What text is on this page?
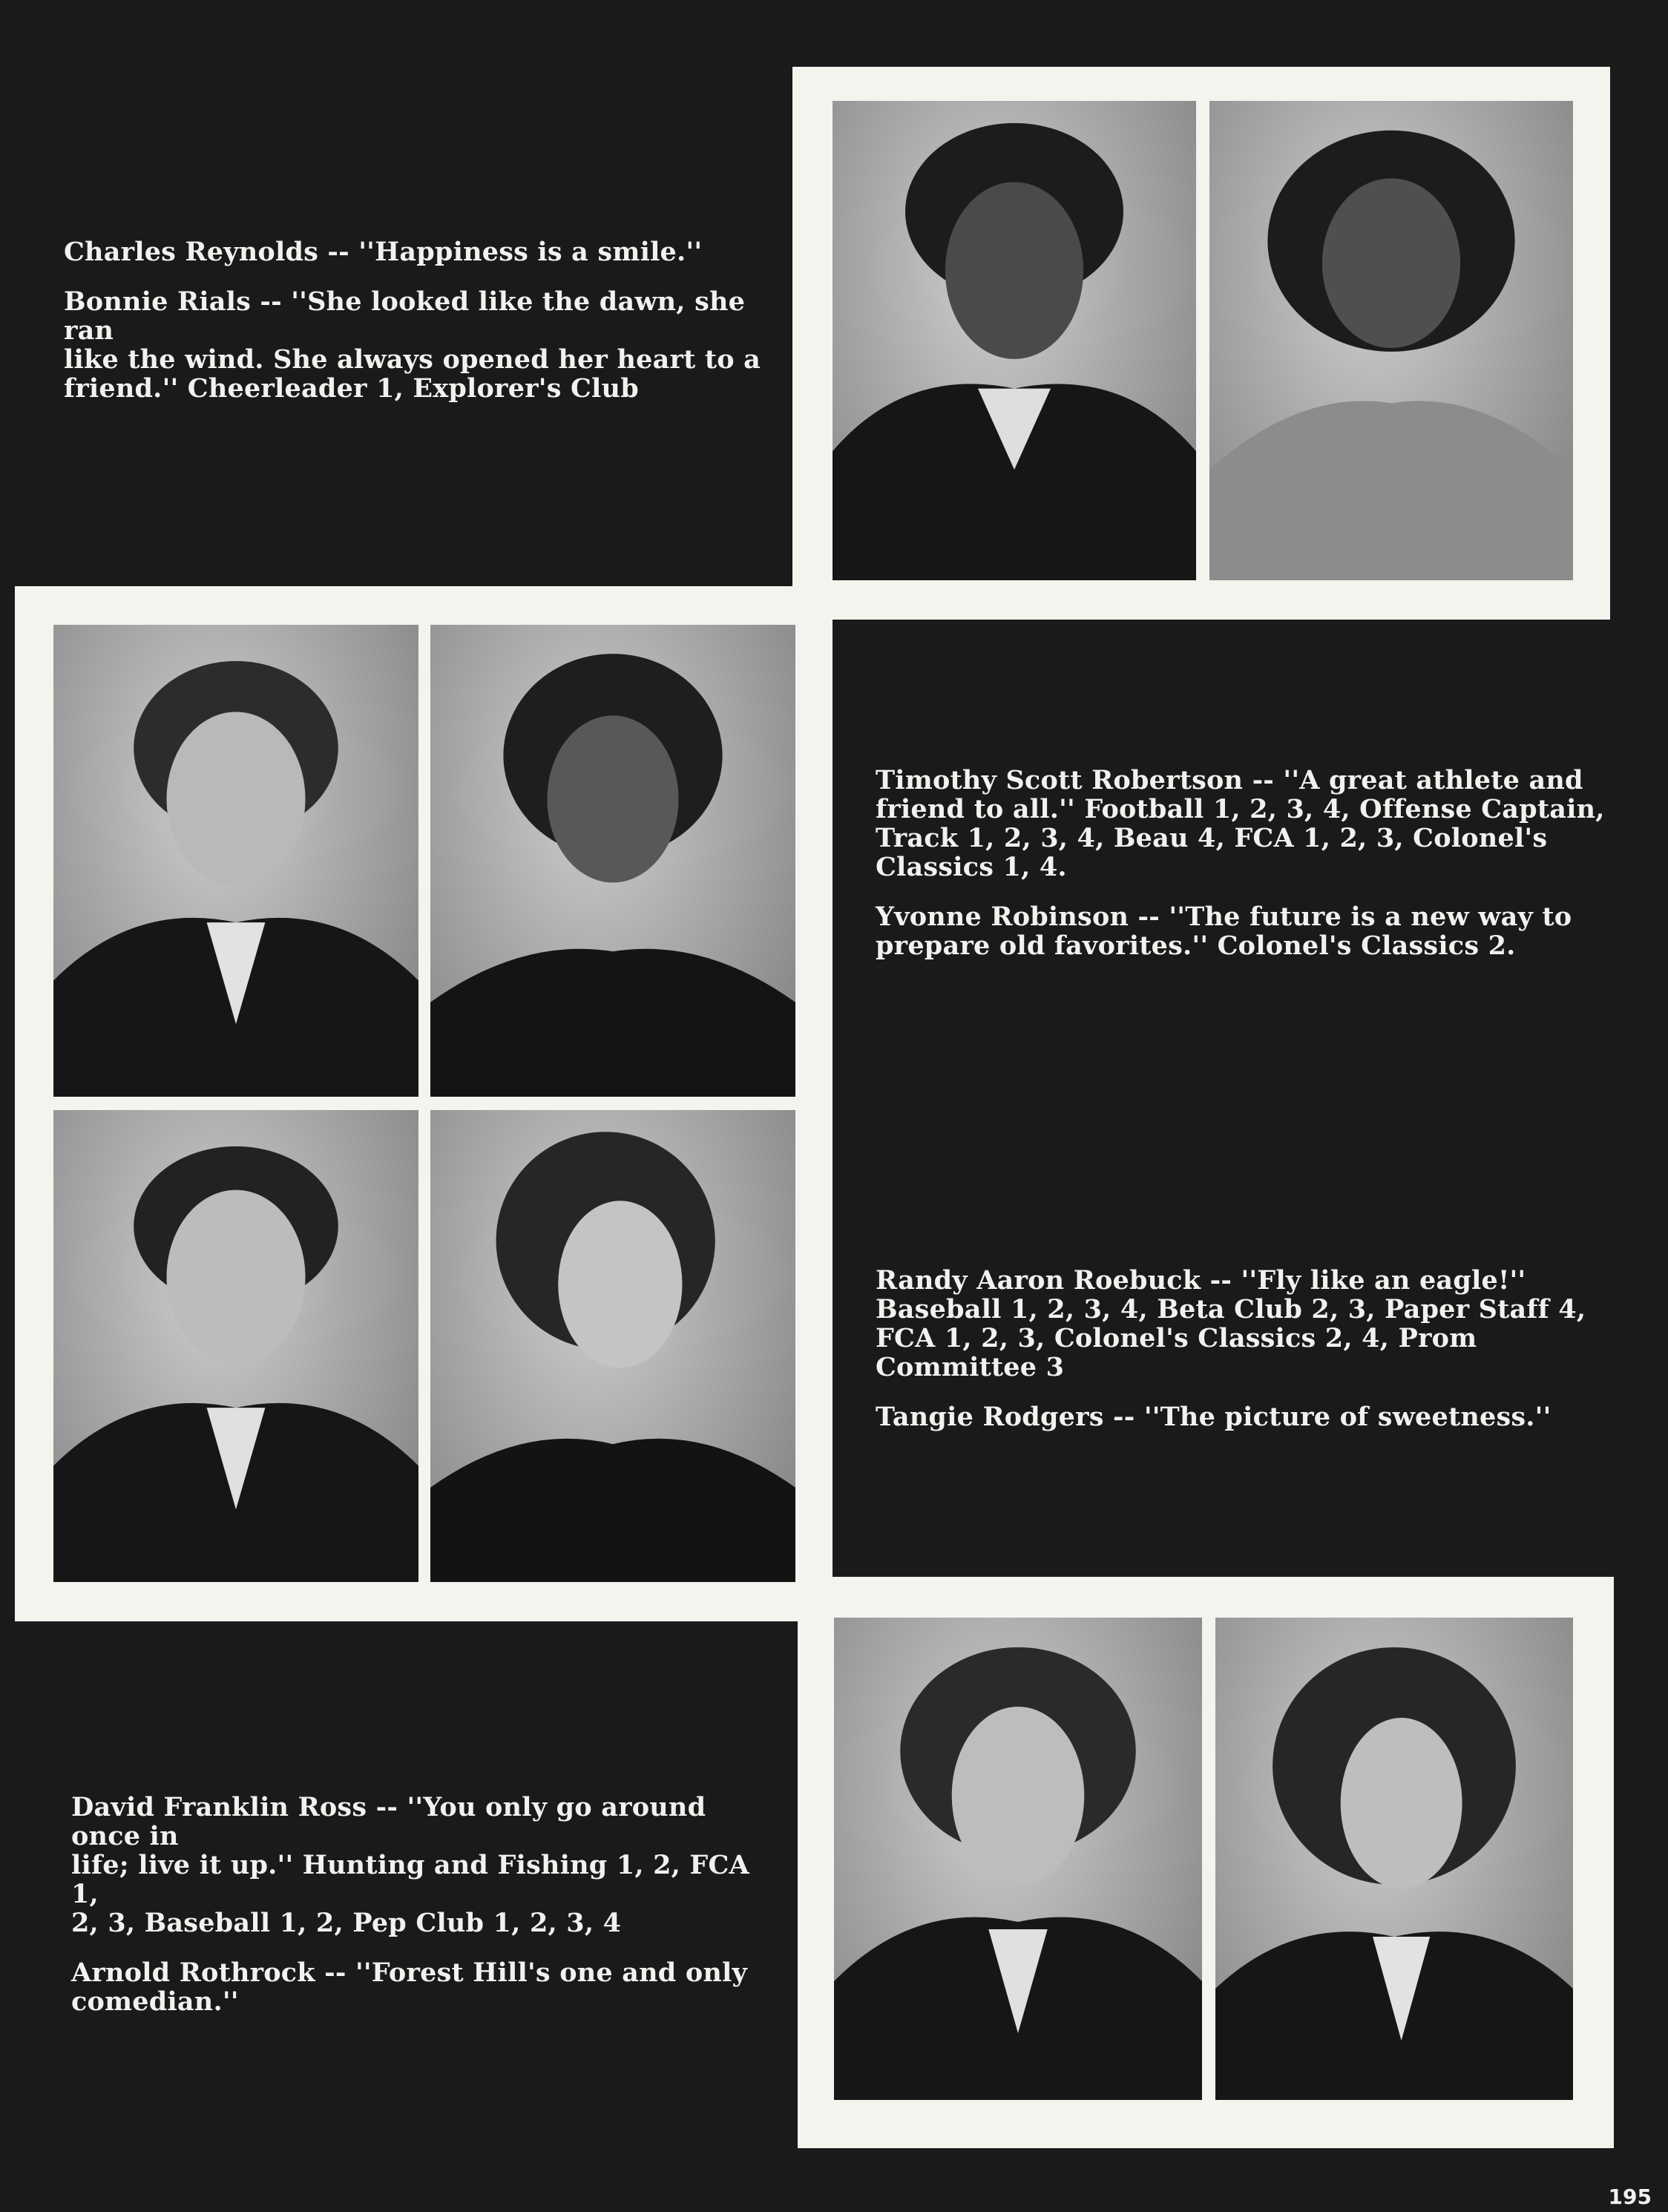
Charles Reynolds -- ''Happiness is a smile.''

Bonnie Rials -- ''She looked like the dawn, she ran
like the wind. She always opened her heart to a
friend.'' Cheerleader 1, Explorer's Club

Timothy Scott Robertson -- ''A great athlete and
friend to all.'' Football 1, 2, 3, 4, Offense Captain,
Track 1, 2, 3, 4, Beau 4, FCA 1, 2, 3, Colonel's
Classics 1, 4.

Yvonne Robinson -- ''The future is a new way to
prepare old favorites.'' Colonel's Classics 2.

Randy Aaron Roebuck -- ''Fly like an eagle!''
Baseball 1, 2, 3, 4, Beta Club 2, 3, Paper Staff 4,
FCA 1, 2, 3, Colonel's Classics 2, 4, Prom
Committee 3

Tangie Rodgers -- ''The picture of sweetness.''

David Franklin Ross -- ''You only go around once in
life; live it up.'' Hunting and Fishing 1, 2, FCA 1,
2, 3, Baseball 1, 2, Pep Club 1, 2, 3, 4

Arnold Rothrock -- ''Forest Hill's one and only
comedian.''

195
